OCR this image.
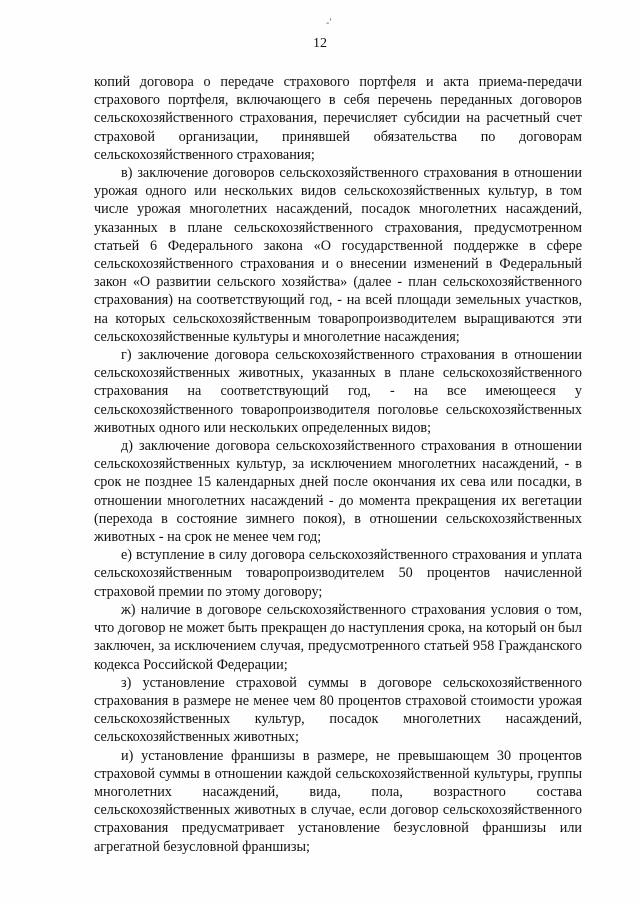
-ʼ
12

копий договора о передаче страхового портфеля и акта приема-передачи страхового портфеля, включающего в себя перечень переданных договоров сельскохозяйственного страхования, перечисляет субсидии на расчетный счет страховой организации, принявшей обязательства по договорам сельскохозяйственного страхования;

в) заключение договоров сельскохозяйственного страхования в отношении урожая одного или нескольких видов сельскохозяйственных культур, в том числе урожая многолетних насаждений, посадок многолетних насаждений, указанных в плане сельскохозяйственного страхования, предусмотренном статьей 6 Федерального закона «О государственной поддержке в сфере сельскохозяйственного страхования и о внесении изменений в Федеральный закон «О развитии сельского хозяйства» (далее - план сельскохозяйственного страхования) на соответствующий год, - на всей площади земельных участков, на которых сельскохозяйственным товаропроизводителем выращиваются эти сельскохозяйственные культуры и многолетние насаждения;

г) заключение договора сельскохозяйственного страхования в отношении сельскохозяйственных животных, указанных в плане сельскохозяйственного страхования на соответствующий год, - на все имеющееся у сельскохозяйственного товаропроизводителя поголовье сельскохозяйственных животных одного или нескольких определенных видов;

д) заключение договора сельскохозяйственного страхования в отношении сельскохозяйственных культур, за исключением многолетних насаждений, - в срок не позднее 15 календарных дней после окончания их сева или посадки, в отношении многолетних насаждений - до момента прекращения их вегетации (перехода в состояние зимнего покоя), в отношении сельскохозяйственных животных - на срок не менее чем год;

е) вступление в силу договора сельскохозяйственного страхования и уплата сельскохозяйственным товаропроизводителем 50 процентов начисленной страховой премии по этому договору;

ж) наличие в договоре сельскохозяйственного страхования условия о том, что договор не может быть прекращен до наступления срока, на который он был заключен, за исключением случая, предусмотренного статьей 958 Гражданского кодекса Российской Федерации;

з) установление страховой суммы в договоре сельскохозяйственного страхования в размере не менее чем 80 процентов страховой стоимости урожая сельскохозяйственных культур, посадок многолетних насаждений, сельскохозяйственных животных;

и) установление франшизы в размере, не превышающем 30 процентов страховой суммы в отношении каждой сельскохозяйственной культуры, группы многолетних насаждений, вида, пола, возрастного состава сельскохозяйственных животных в случае, если договор сельскохозяйственного страхования предусматривает установление безусловной франшизы или агрегатной безусловной франшизы;
